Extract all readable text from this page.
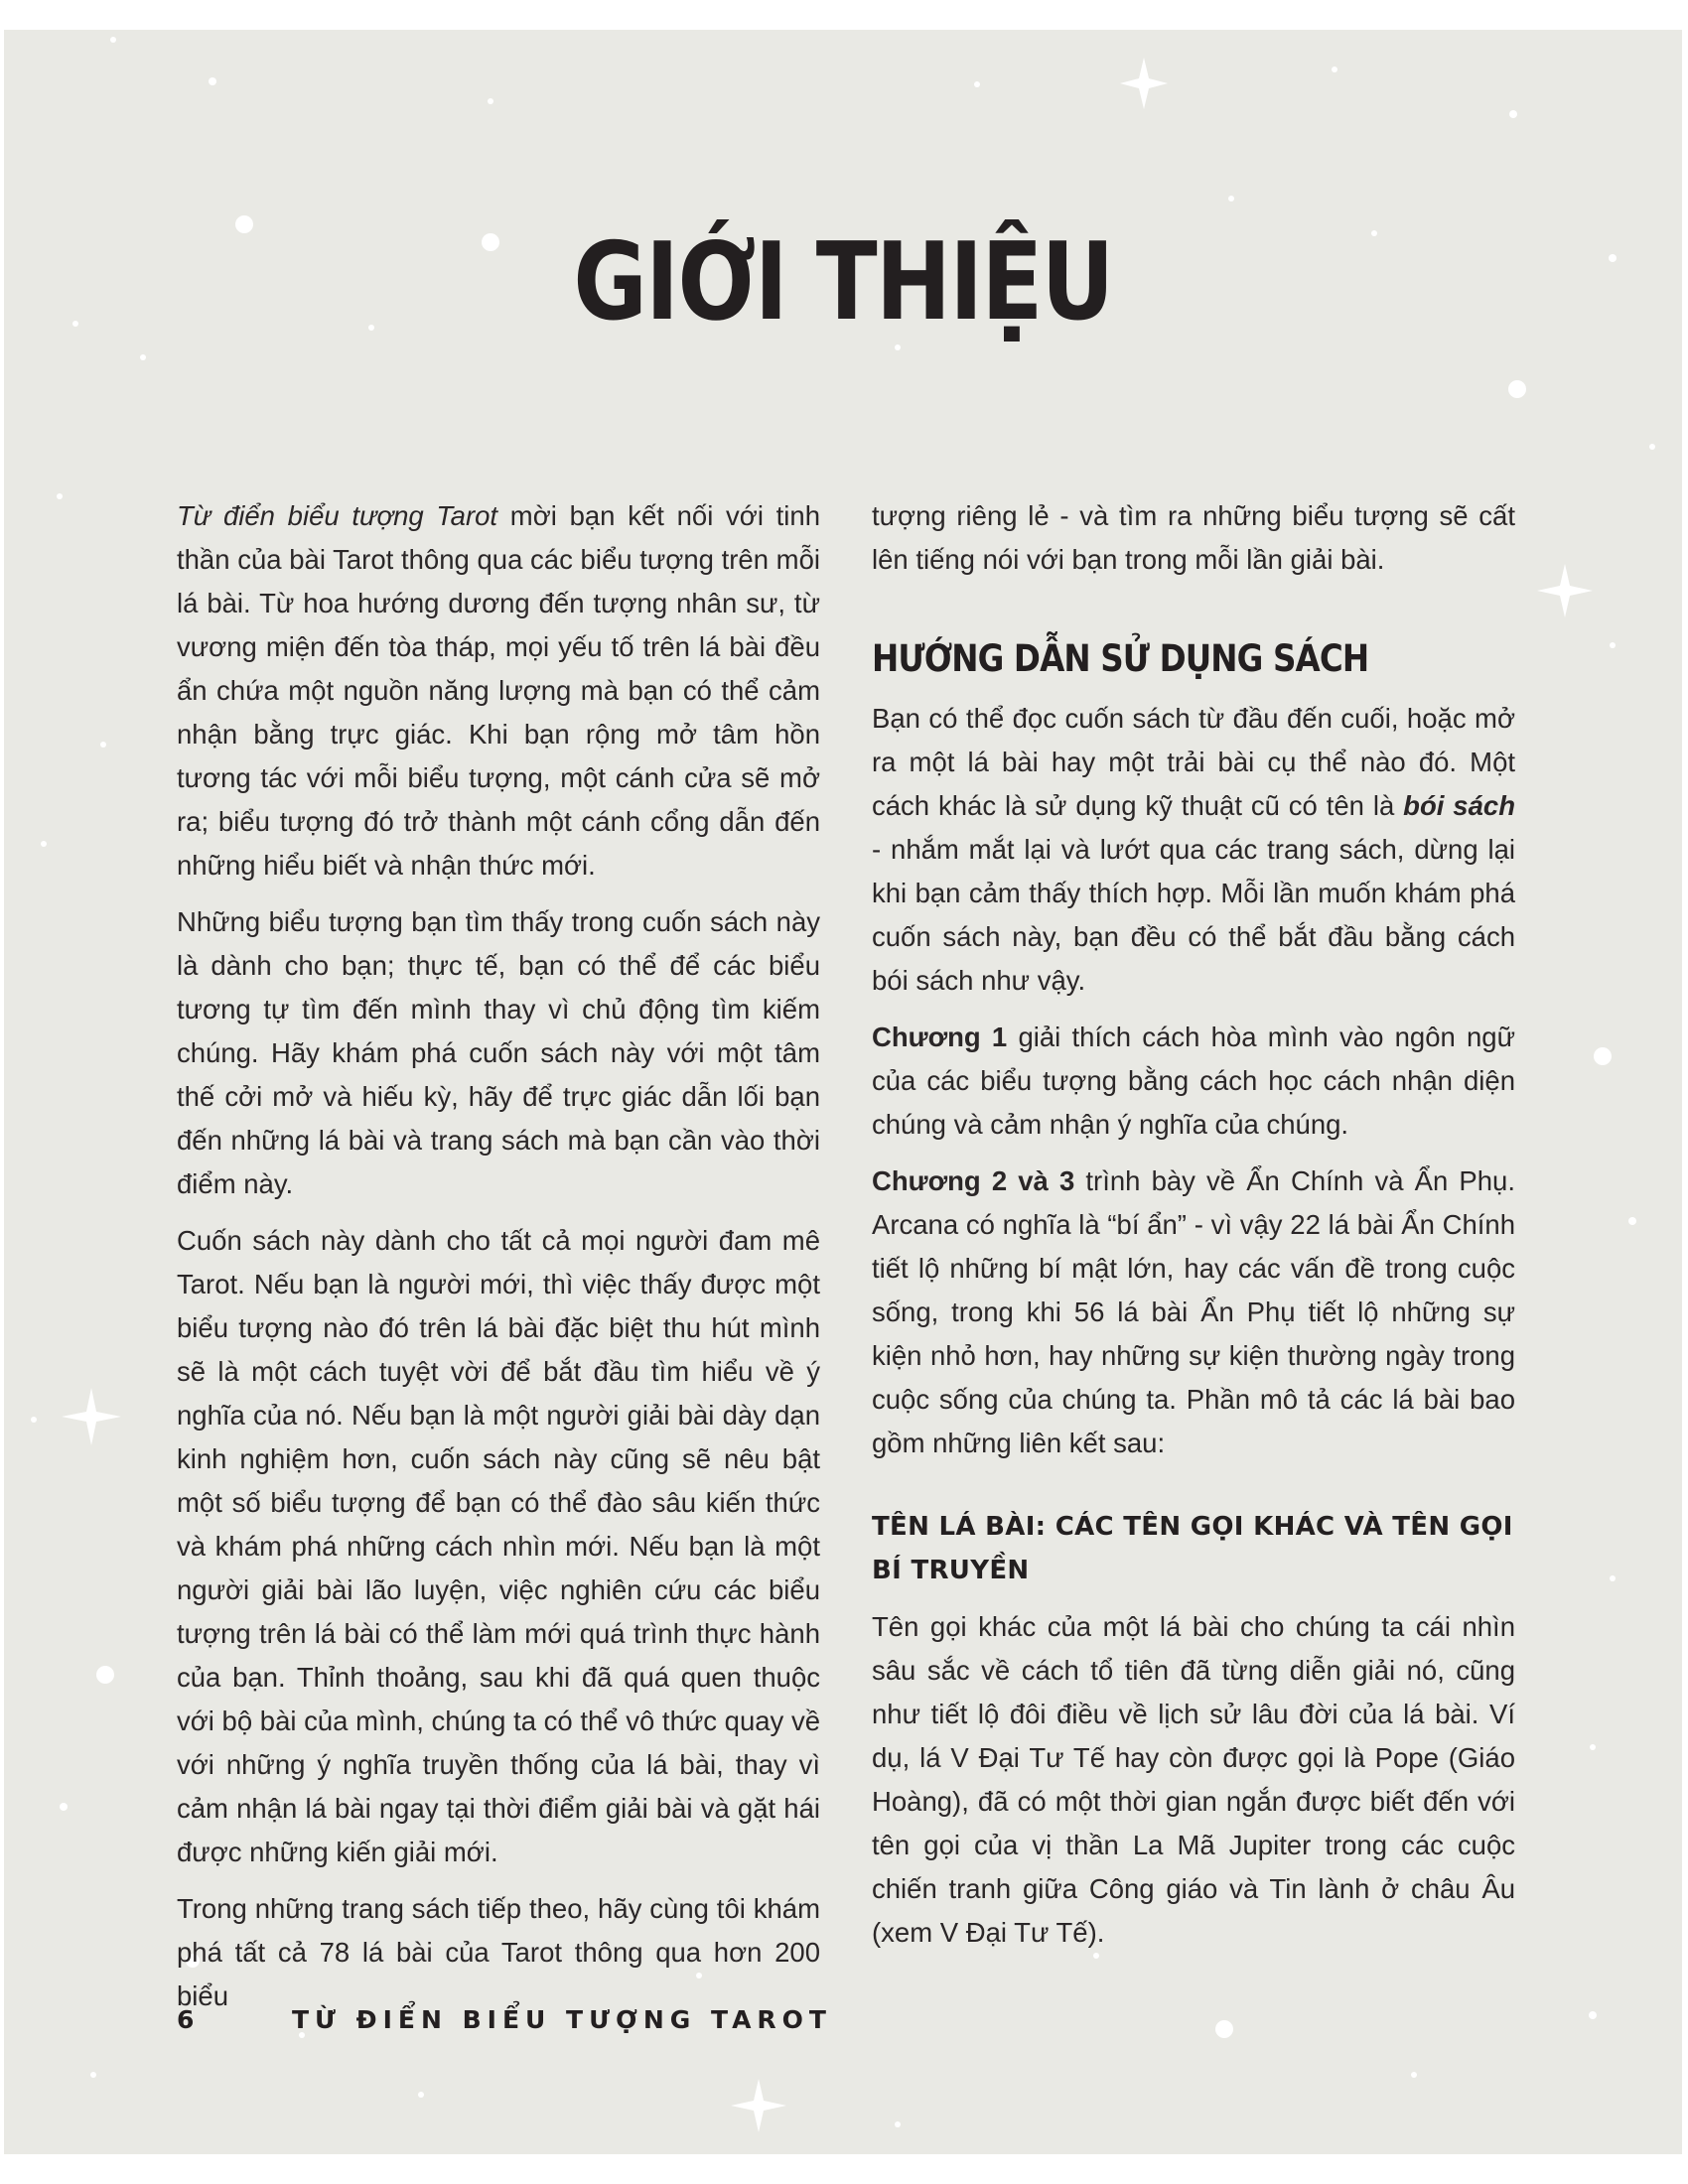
GIỚI THIỆU

Từ điển biểu tượng Tarot mời bạn kết nối với tinh thần của bài Tarot thông qua các biểu tượng trên mỗi lá bài. Từ hoa hướng dương đến tượng nhân sư, từ vương miện đến tòa tháp, mọi yếu tố trên lá bài đều ẩn chứa một nguồn năng lượng mà bạn có thể cảm nhận bằng trực giác. Khi bạn rộng mở tâm hồn tương tác với mỗi biểu tượng, một cánh cửa sẽ mở ra; biểu tượng đó trở thành một cánh cổng dẫn đến những hiểu biết và nhận thức mới.

Những biểu tượng bạn tìm thấy trong cuốn sách này là dành cho bạn; thực tế, bạn có thể để các biểu tương tự tìm đến mình thay vì chủ động tìm kiếm chúng. Hãy khám phá cuốn sách này với một tâm thế cởi mở và hiếu kỳ, hãy để trực giác dẫn lối bạn đến những lá bài và trang sách mà bạn cần vào thời điểm này.

Cuốn sách này dành cho tất cả mọi người đam mê Tarot. Nếu bạn là người mới, thì việc thấy được một biểu tượng nào đó trên lá bài đặc biệt thu hút mình sẽ là một cách tuyệt vời để bắt đầu tìm hiểu về ý nghĩa của nó. Nếu bạn là một người giải bài dày dạn kinh nghiệm hơn, cuốn sách này cũng sẽ nêu bật một số biểu tượng để bạn có thể đào sâu kiến thức và khám phá những cách nhìn mới. Nếu bạn là một người giải bài lão luyện, việc nghiên cứu các biểu tượng trên lá bài có thể làm mới quá trình thực hành của bạn. Thỉnh thoảng, sau khi đã quá quen thuộc với bộ bài của mình, chúng ta có thể vô thức quay về với những ý nghĩa truyền thống của lá bài, thay vì cảm nhận lá bài ngay tại thời điểm giải bài và gặt hái được những kiến giải mới.

Trong những trang sách tiếp theo, hãy cùng tôi khám phá tất cả 78 lá bài của Tarot thông qua hơn 200 biểu

tượng riêng lẻ - và tìm ra những biểu tượng sẽ cất lên tiếng nói với bạn trong mỗi lần giải bài.

HƯỚNG DẪN SỬ DỤNG SÁCH

Bạn có thể đọc cuốn sách từ đầu đến cuối, hoặc mở ra một lá bài hay một trải bài cụ thể nào đó. Một cách khác là sử dụng kỹ thuật cũ có tên là bói sách - nhắm mắt lại và lướt qua các trang sách, dừng lại khi bạn cảm thấy thích hợp. Mỗi lần muốn khám phá cuốn sách này, bạn đều có thể bắt đầu bằng cách bói sách như vậy.

Chương 1 giải thích cách hòa mình vào ngôn ngữ của các biểu tượng bằng cách học cách nhận diện chúng và cảm nhận ý nghĩa của chúng.

Chương 2 và 3 trình bày về Ẩn Chính và Ẩn Phụ. Arcana có nghĩa là “bí ẩn” - vì vậy 22 lá bài Ẩn Chính tiết lộ những bí mật lớn, hay các vấn đề trong cuộc sống, trong khi 56 lá bài Ẩn Phụ tiết lộ những sự kiện nhỏ hơn, hay những sự kiện thường ngày trong cuộc sống của chúng ta. Phần mô tả các lá bài bao gồm những liên kết sau:

TÊN LÁ BÀI: CÁC TÊN GỌI KHÁC VÀ TÊN GỌI BÍ TRUYỀN

Tên gọi khác của một lá bài cho chúng ta cái nhìn sâu sắc về cách tổ tiên đã từng diễn giải nó, cũng như tiết lộ đôi điều về lịch sử lâu đời của lá bài. Ví dụ, lá V Đại Tư Tế hay còn được gọi là Pope (Giáo Hoàng), đã có một thời gian ngắn được biết đến với tên gọi của vị thần La Mã Jupiter trong các cuộc chiến tranh giữa Công giáo và Tin lành ở châu Âu (xem V Đại Tư Tế).

6	TỪ ĐIỂN BIỂU TƯỢNG TAROT
